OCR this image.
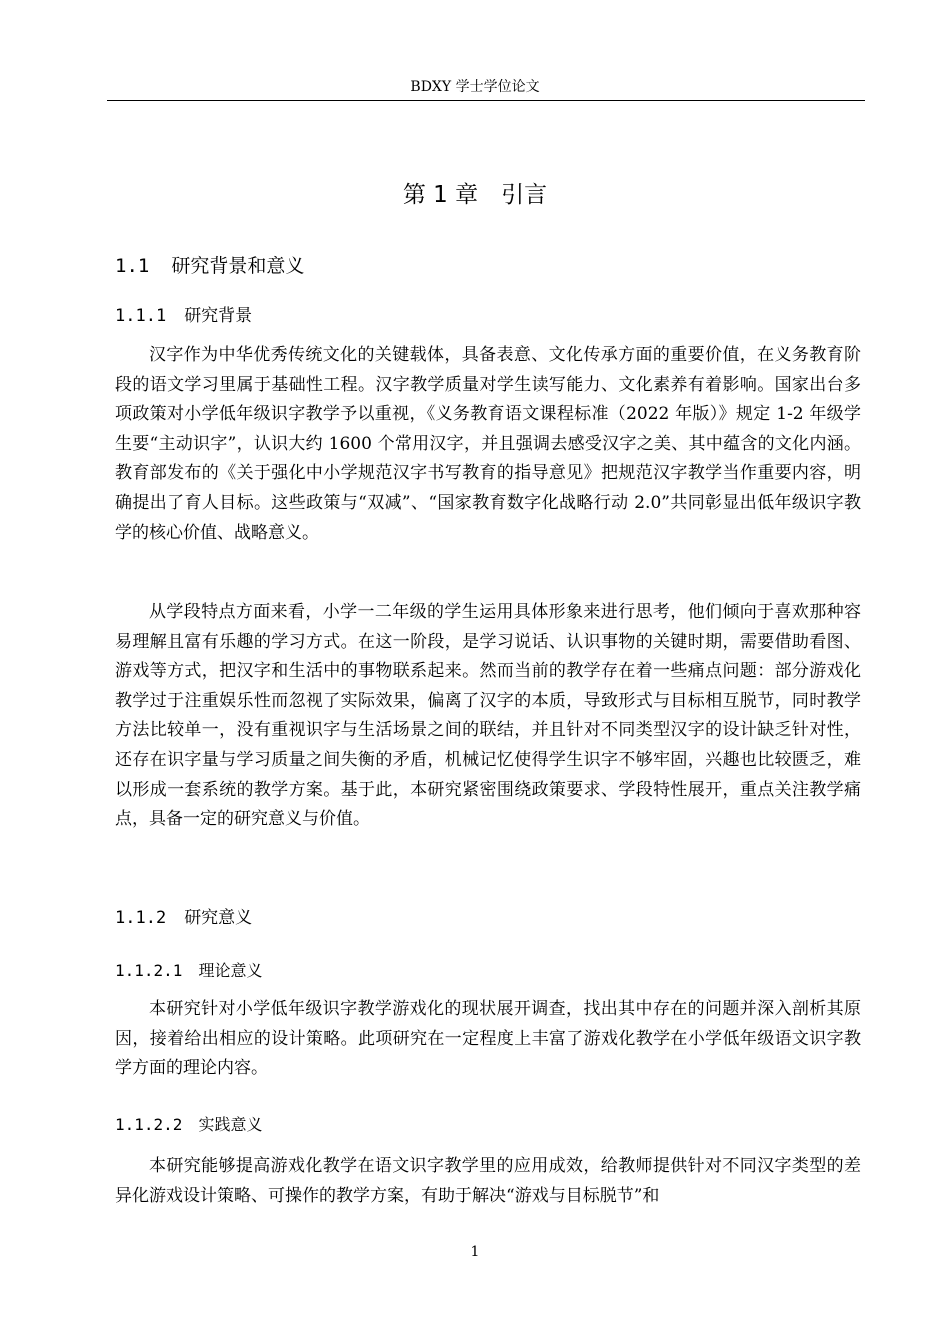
BDXY 学士学位论文
第 1 章　引言
1.1 研究背景和意义
1.1.1 研究背景

汉字作为中华优秀传统文化的关键载体，具备表意、文化传承方面的重要价值，在义务教育阶段的语文学习里属于基础性工程。汉字教学质量对学生读写能力、文化素养有着影响。国家出台多项政策对小学低年级识字教学予以重视，《义务教育语文课程标准（2022 年版）》规定 1-2 年级学生要“主动识字”，认识大约 1600 个常用汉字，并且强调去感受汉字之美、其中蕴含的文化内涵。教育部发布的《关于强化中小学规范汉字书写教育的指导意见》把规范汉字教学当作重要内容，明确提出了育人目标。这些政策与“双减”、“国家教育数字化战略行动 2.0”共同彰显出低年级识字教学的核心价值、战略意义。

从学段特点方面来看，小学一二年级的学生运用具体形象来进行思考，他们倾向于喜欢那种容易理解且富有乐趣的学习方式。在这一阶段，是学习说话、认识事物的关键时期，需要借助看图、游戏等方式，把汉字和生活中的事物联系起来。然而当前的教学存在着一些痛点问题：部分游戏化教学过于注重娱乐性而忽视了实际效果，偏离了汉字的本质，导致形式与目标相互脱节，同时教学方法比较单一，没有重视识字与生活场景之间的联结，并且针对不同类型汉字的设计缺乏针对性，还存在识字量与学习质量之间失衡的矛盾，机械记忆使得学生识字不够牢固，兴趣也比较匮乏，难以形成一套系统的教学方案。基于此，本研究紧密围绕政策要求、学段特性展开，重点关注教学痛点，具备一定的研究意义与价值。

1.1.2 研究意义
1.1.2.1 理论意义

本研究针对小学低年级识字教学游戏化的现状展开调查，找出其中存在的问题并深入剖析其原因，接着给出相应的设计策略。此项研究在一定程度上丰富了游戏化教学在小学低年级语文识字教学方面的理论内容。

1.1.2.2 实践意义

本研究能够提高游戏化教学在语文识字教学里的应用成效，给教师提供针对不同汉字类型的差异化游戏设计策略、可操作的教学方案，有助于解决“游戏与目标脱节”和

1
